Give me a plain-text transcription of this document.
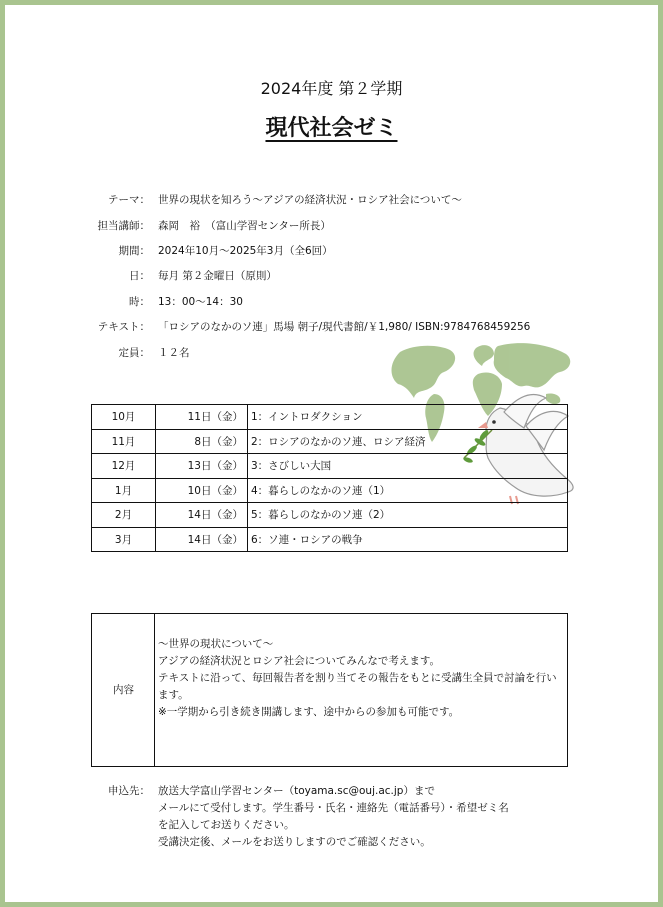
2024年度 第２学期
現代社会ゼミ
テーマ： 世界の現状を知ろう～アジアの経済状況・ロシア社会について～
担当講師： 森岡　裕　（富山学習センター所長）
期間： 2024年10月～2025年3月（全6回）
日： 毎月 第２金曜日（原則）
時： 13：00～14：30
テキスト： 「ロシアのなかのソ連」馬場 朝子/現代書館/￥1,980/ ISBN:9784768459256
定員： １２名
10月	11日（金）	1：イントロダクション
11月	8日（金）	2：ロシアのなかのソ連、ロシア経済
12月	13日（金）	3：さびしい大国
1月	10日（金）	4：暮らしのなかのソ連（1）
2月	14日（金）	5：暮らしのなかのソ連（2）
3月	14日（金）	6：ソ連・ロシアの戦争
内容
～世界の現状について～
アジアの経済状況とロシア社会についてみんなで考えます。
テキストに沿って、毎回報告者を割り当てその報告をもとに受講生全員で討論を行います。
※一学期から引き続き開講します、途中からの参加も可能です。
申込先： 放送大学富山学習センター（toyama.sc@ouj.ac.jp）まで
メールにて受付します。学生番号・氏名・連絡先（電話番号）・希望ゼミ名
を記入してお送りください。
受講決定後、メールをお送りしますのでご確認ください。
